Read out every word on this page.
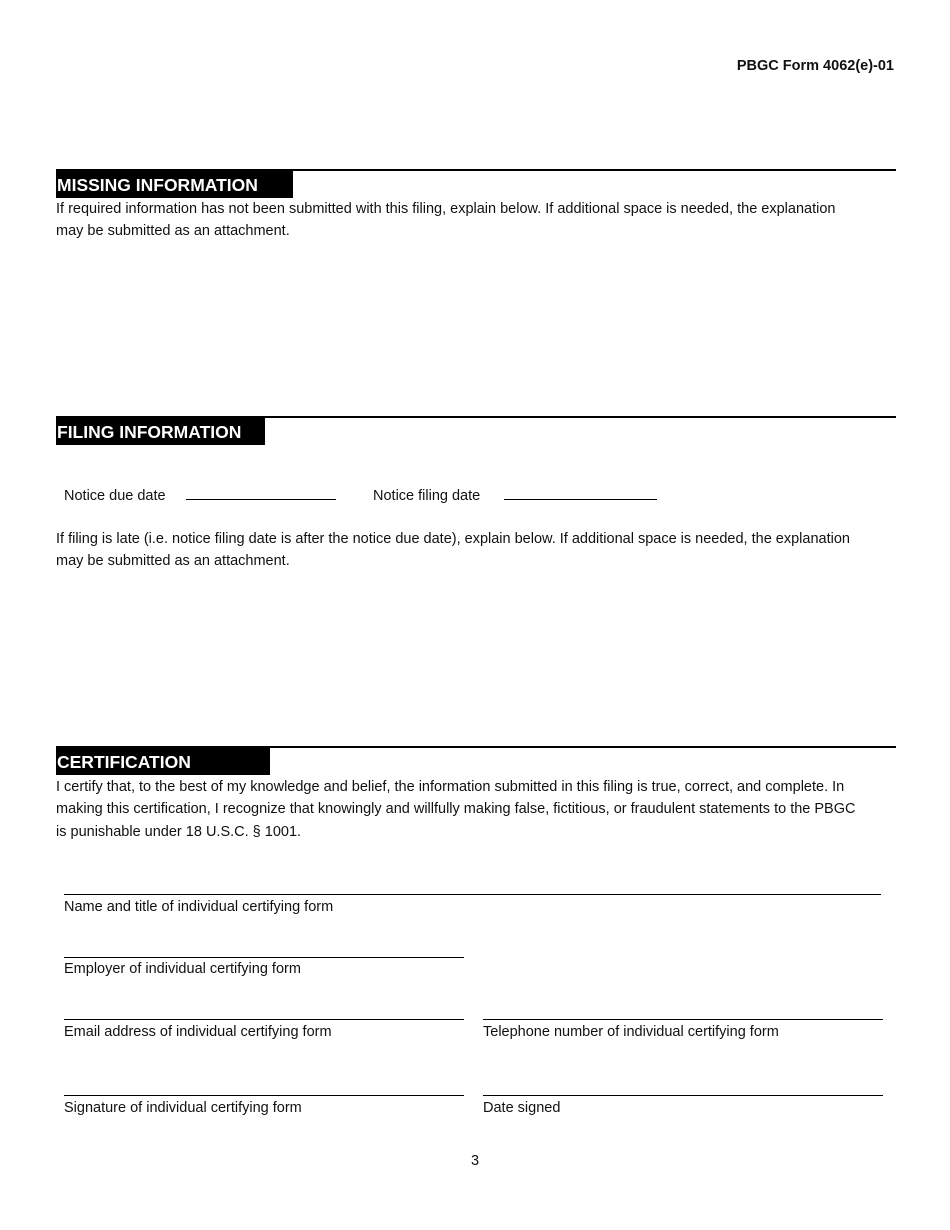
PBGC Form 4062(e)-01
MISSING INFORMATION

If required information has not been submitted with this filing, explain below. If additional space is needed, the explanation may be submitted as an attachment.

FILING INFORMATION
Notice due date	Notice filing date

If filing is late (i.e. notice filing date is after the notice due date), explain below. If additional space is needed, the explanation may be submitted as an attachment.

CERTIFICATION

I certify that, to the best of my knowledge and belief, the information submitted in this filing is true, correct, and complete. In making this certification, I recognize that knowingly and willfully making false, fictitious, or fraudulent statements to the PBGC is punishable under 18 U.S.C. § 1001.

Name and title of individual certifying form
Employer of individual certifying form
Email address of individual certifying form	Telephone number of individual certifying form
Signature of individual certifying form	Date signed
3
